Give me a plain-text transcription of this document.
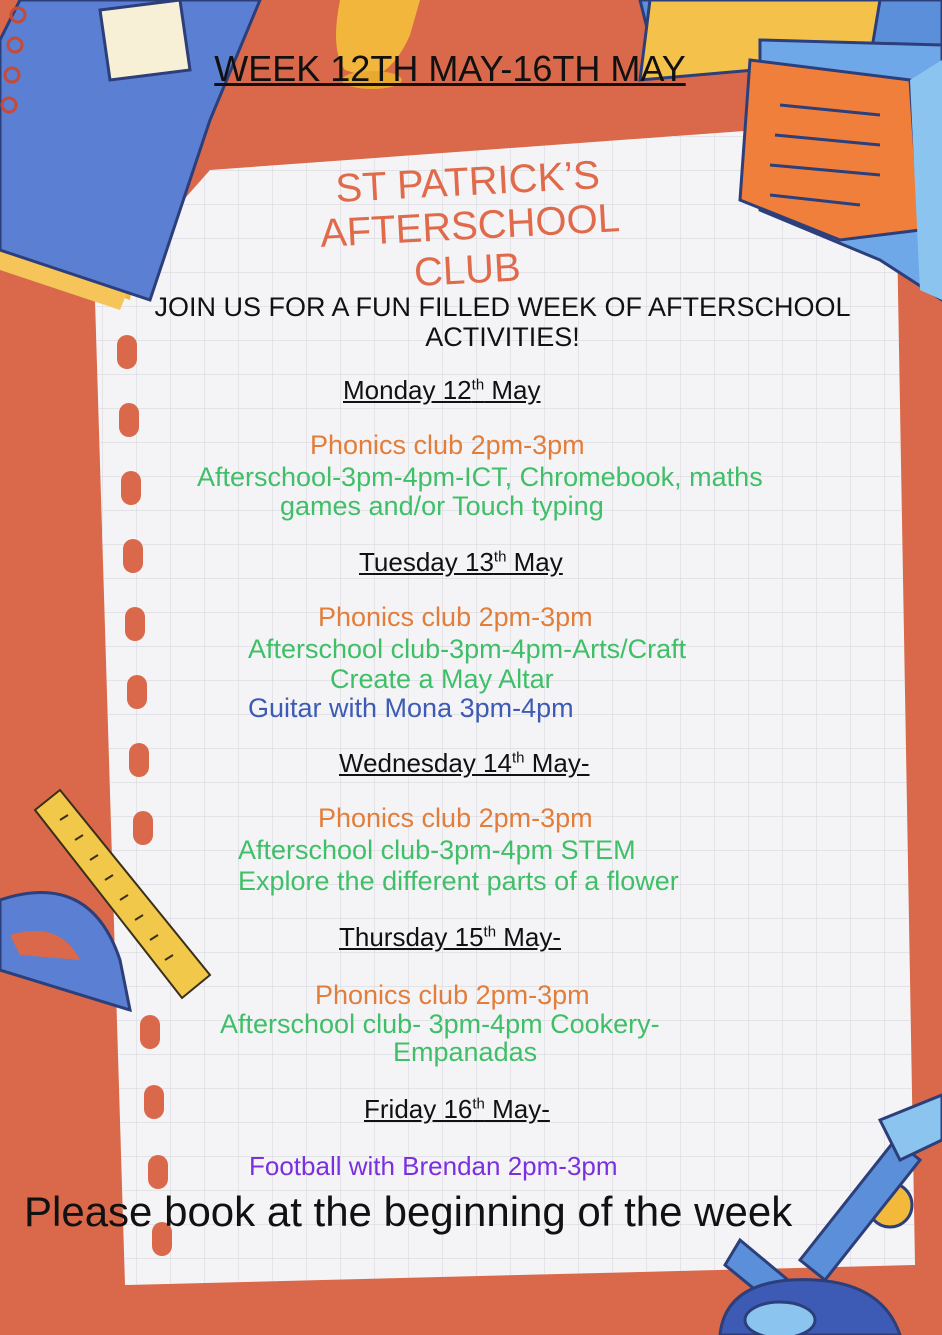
WEEK 12TH MAY-16TH MAY

ST PATRICK’S
AFTERSCHOOL
CLUB

JOIN US FOR A FUN FILLED WEEK OF AFTERSCHOOL

ACTIVITIES!

Monday 12th May

Phonics club 2pm-3pm

Afterschool-3pm-4pm-ICT, Chromebook, maths

games and/or Touch typing

Tuesday 13th May

Phonics club 2pm-3pm

Afterschool club-3pm-4pm-Arts/Craft

Create a May Altar

Guitar with Mona 3pm-4pm

Wednesday 14th May-

Phonics club 2pm-3pm

Afterschool club-3pm-4pm STEM

Explore the different parts of a flower

Thursday 15th May-

Phonics club 2pm-3pm

Afterschool club- 3pm-4pm Cookery-

Empanadas

Friday 16th May-

Football with Brendan 2pm-3pm

Please book at the beginning of the week
